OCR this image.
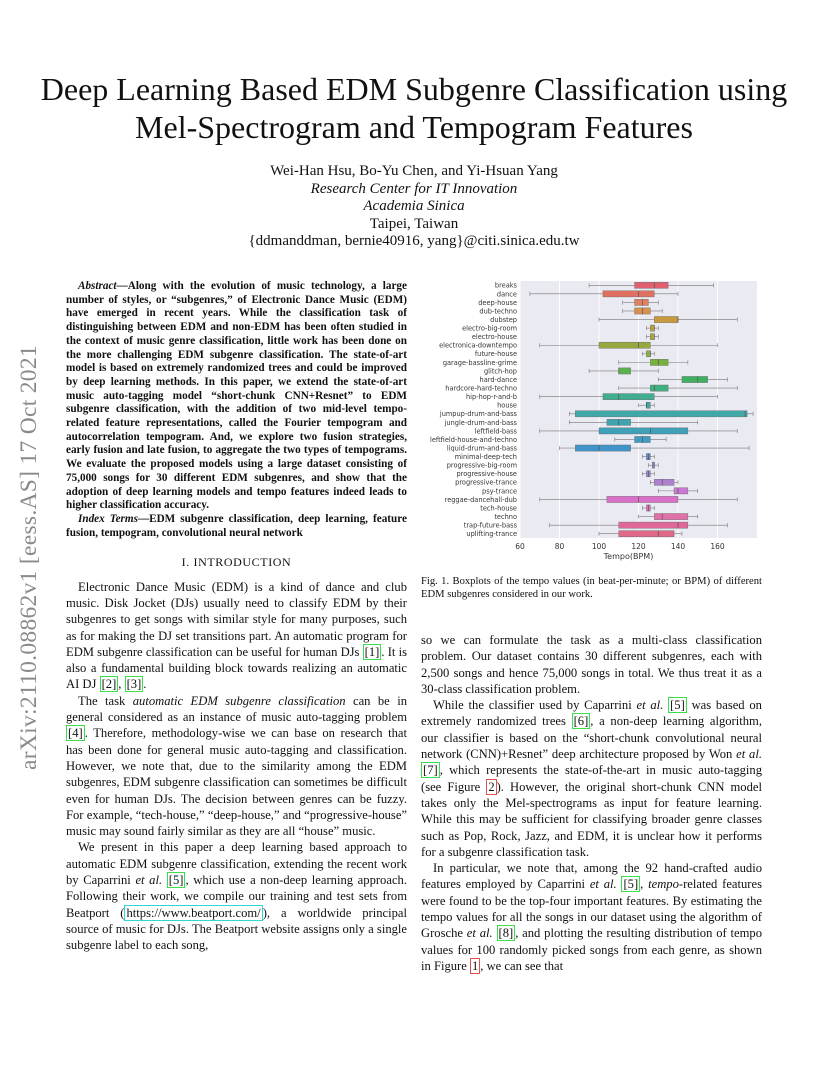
arXiv:2110.08862v1 [eess.AS] 17 Oct 2021
Deep Learning Based EDM Subgenre Classification using Mel-Spectrogram and Tempogram Features
Wei-Han Hsu, Bo-Yu Chen, and Yi-Hsuan Yang
Research Center for IT Innovation
Academia Sinica
Taipei, Taiwan
{ddmanddman, bernie40916, yang}@citi.sinica.edu.tw

Abstract—Along with the evolution of music technology, a large number of styles, or “subgenres,” of Electronic Dance Music (EDM) have emerged in recent years. While the classification task of distinguishing between EDM and non-EDM has been often studied in the context of music genre classification, little work has been done on the more challenging EDM subgenre classification. The state-of-art model is based on extremely randomized trees and could be improved by deep learning methods. In this paper, we extend the state-of-art music auto-tagging model “short-chunk CNN+Resnet” to EDM subgenre classification, with the addition of two mid-level tempo-related feature representations, called the Fourier tempogram and autocorrelation tempogram. And, we explore two fusion strategies, early fusion and late fusion, to aggregate the two types of tempograms. We evaluate the proposed models using a large dataset consisting of 75,000 songs for 30 different EDM subgenres, and show that the adoption of deep learning models and tempo features indeed leads to higher classification accuracy.

Index Terms—EDM subgenre classification, deep learning, feature fusion, tempogram, convolutional neural network

I. INTRODUCTION

Electronic Dance Music (EDM) is a kind of dance and club music. Disk Jocket (DJs) usually need to classify EDM by their subgenres to get songs with similar style for many purposes, such as for making the DJ set transitions part. An automatic program for EDM subgenre classification can be useful for human DJs [1] . It is also a fundamental building block towards realizing an automatic AI DJ [2] , [3] .

The task automatic EDM subgenre classification can be in general considered as an instance of music auto-tagging problem [4] . Therefore, methodology-wise we can base on research that has been done for general music auto-tagging and classification. However, we note that, due to the similarity among the EDM subgenres, EDM subgenre classification can sometimes be difficult even for human DJs. The decision between genres can be fuzzy. For example, “tech-house,” “deep-house,” and “progressive-house” music may sound fairly similar as they are all “house” music.

We present in this paper a deep learning based approach to automatic EDM subgenre classification, extending the recent work by Caparrini et al. [5] , which use a non-deep learning approach. Following their work, we compile our training and test sets from Beatport ( https://www.beatport.com/ ), a worldwide principal source of music for DJs. The Beatport website assigns only a single subgenre label to each song,

60	80	100	120	140	160
Tempo(BPM)
breaks
dance
deep-house
dub-techno
dubstep
electro-big-room
electro-house
electronica-downtempo
future-house
garage-bassline-grime
glitch-hop
hard-dance
hardcore-hard-techno
hip-hop-r-and-b
house
jumpup-drum-and-bass
jungle-drum-and-bass
leftfield-bass
leftfield-house-and-techno
liquid-drum-and-bass
minimal-deep-tech
progressive-big-room
progressive-house
progressive-trance
psy-trance
reggae-dancehall-dub
tech-house
techno
trap-future-bass
uplifting-trance
Fig. 1. Boxplots of the tempo values (in beat-per-minute; or BPM) of different EDM subgenres considered in our work.

so we can formulate the task as a multi-class classification problem. Our dataset contains 30 different subgenres, each with 2,500 songs and hence 75,000 songs in total. We thus treat it as a 30-class classification problem.

While the classifier used by Caparrini et al. [5] was based on extremely randomized trees [6] , a non-deep learning algorithm, our classifier is based on the “short-chunk convolutional neural network (CNN)+Resnet” deep architecture proposed by Won et al. [7] , which represents the state-of-the-art in music auto-tagging (see Figure 2 ). However, the original short-chunk CNN model takes only the Mel-spectrograms as input for feature learning. While this may be sufficient for classifying broader genre classes such as Pop, Rock, Jazz, and EDM, it is unclear how it performs for a subgenre classification task.

In particular, we note that, among the 92 hand-crafted audio features employed by Caparrini et al. [5] , tempo-related features were found to be the top-four important features. By estimating the tempo values for all the songs in our dataset using the algorithm of Grosche et al. [8] , and plotting the resulting distribution of tempo values for 100 randomly picked songs from each genre, as shown in Figure 1 , we can see that
